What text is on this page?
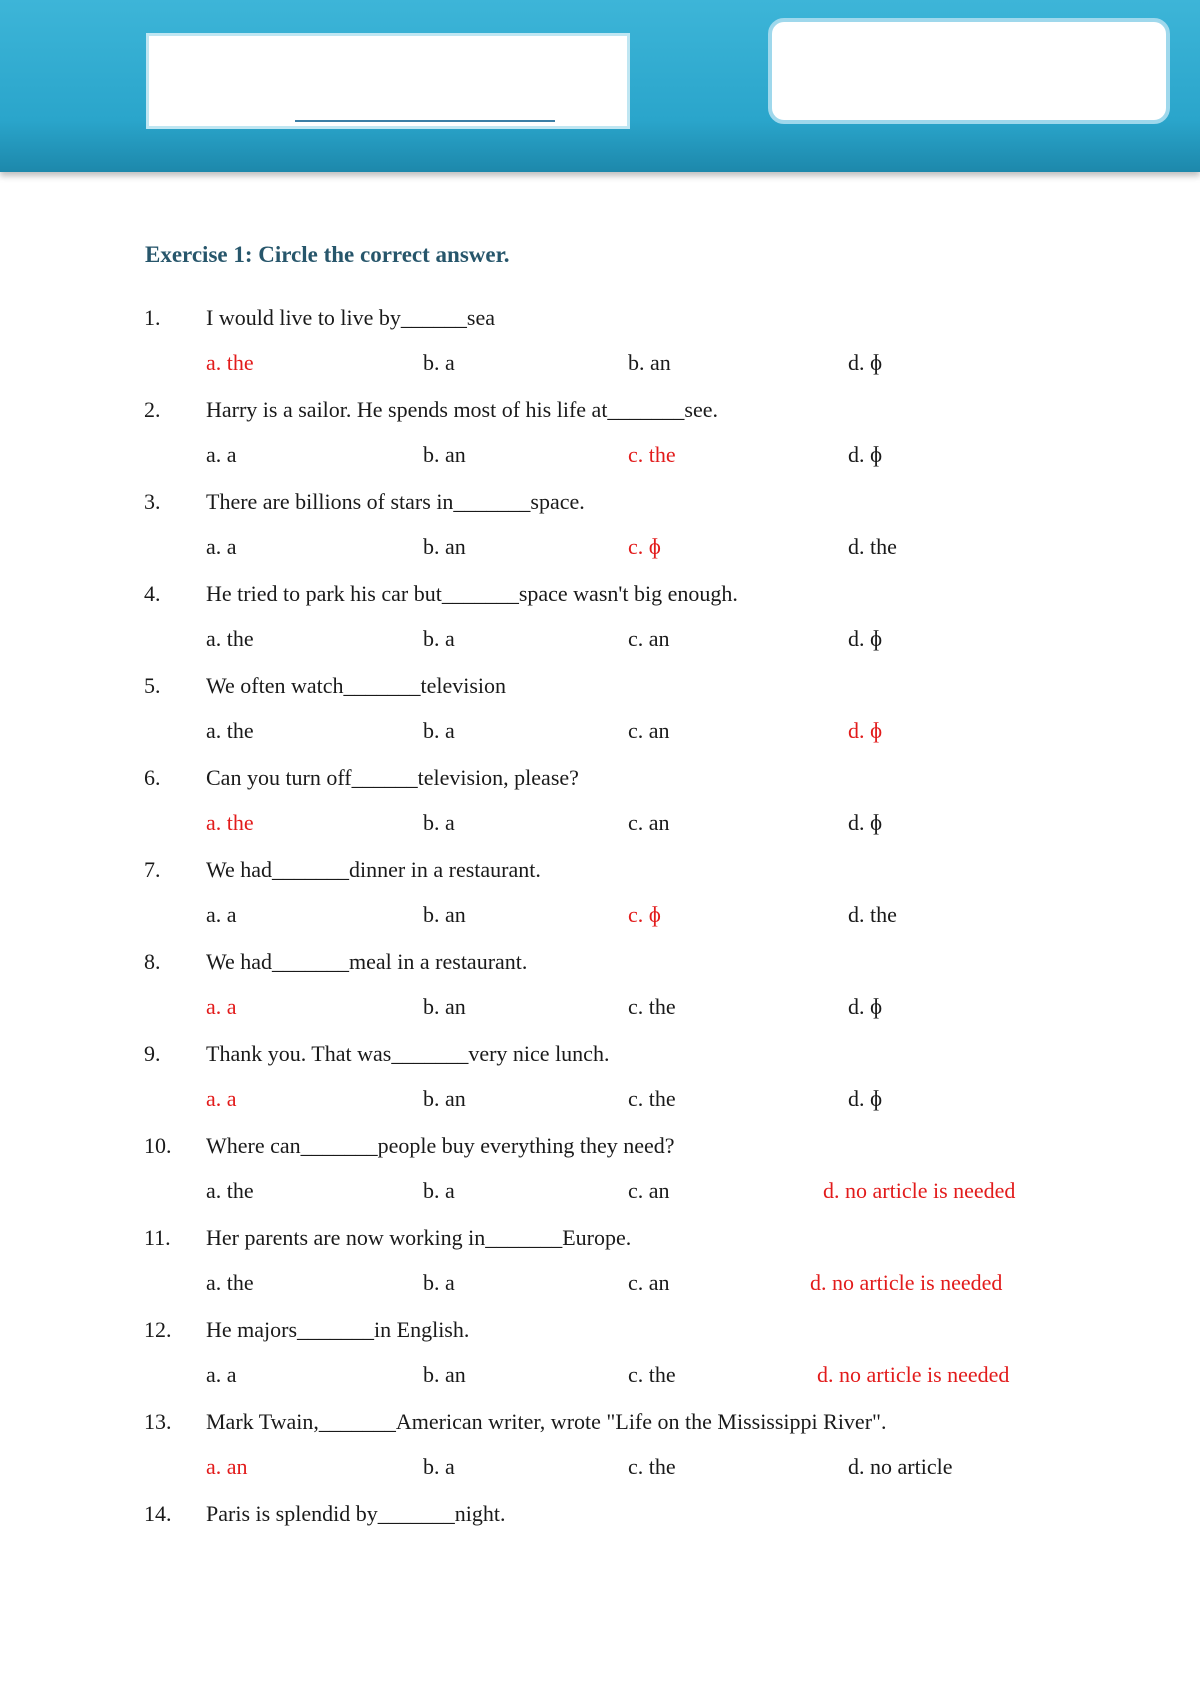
Exercise 1: Circle the correct answer.
1. I would live to live by______sea
a. the	b. a	b. an	d. ɸ
2. Harry is a sailor. He spends most of his life at_______see.
a. a	b. an	c. the	d. ɸ
3. There are billions of stars in_______space.
a. a	b. an	c. ɸ	d. the
4. He tried to park his car but_______space wasn't big enough.
a. the	b. a	c. an	d. ɸ
5. We often watch_______television
a. the	b. a	c. an	d. ɸ
6. Can you turn off______television, please?
a. the	b. a	c. an	d. ɸ
7. We had_______dinner in a restaurant.
a. a	b. an	c. ɸ	d. the
8. We had_______meal in a restaurant.
a. a	b. an	c. the	d. ɸ
9. Thank you. That was_______very nice lunch.
a. a	b. an	c. the	d. ɸ
10. Where can_______people buy everything they need?
a. the	b. a	c. an	d. no article is needed
11. Her parents are now working in_______Europe.
a. the	b. a	c. an	d. no article is needed
12. He majors_______in English.
a. a	b. an	c. the	d. no article is needed
13. Mark Twain,_______American writer, wrote "Life on the Mississippi River".
a. an	b. a	c. the	d. no article
14. Paris is splendid by_______night.
